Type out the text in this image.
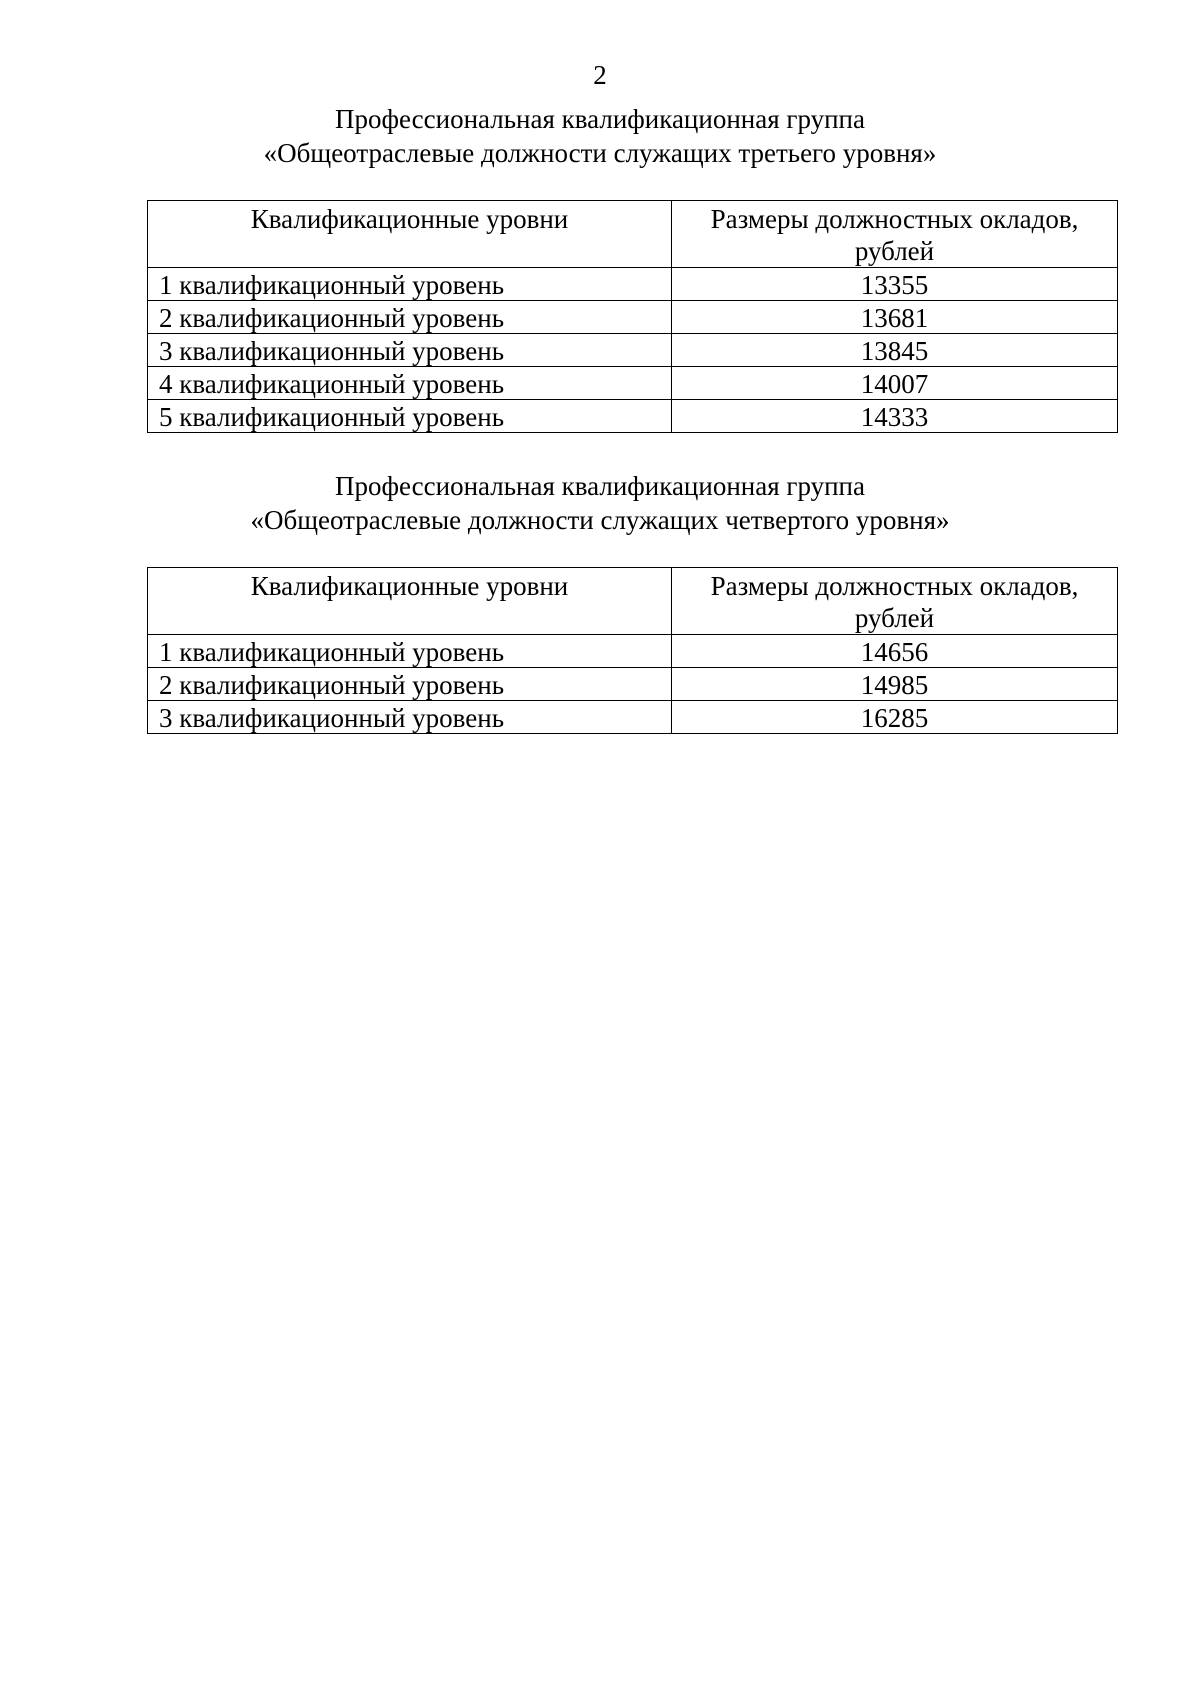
2
Профессиональная квалификационная группа
«Общеотраслевые должности служащих третьего уровня»
Квалификационные уровни	Размеры должностных окладов, рублей
1 квалификационный уровень	13355
2 квалификационный уровень	13681
3 квалификационный уровень	13845
4 квалификационный уровень	14007
5 квалификационный уровень	14333
Профессиональная квалификационная группа
«Общеотраслевые должности служащих четвертого уровня»
Квалификационные уровни	Размеры должностных окладов, рублей
1 квалификационный уровень	14656
2 квалификационный уровень	14985
3 квалификационный уровень	16285
